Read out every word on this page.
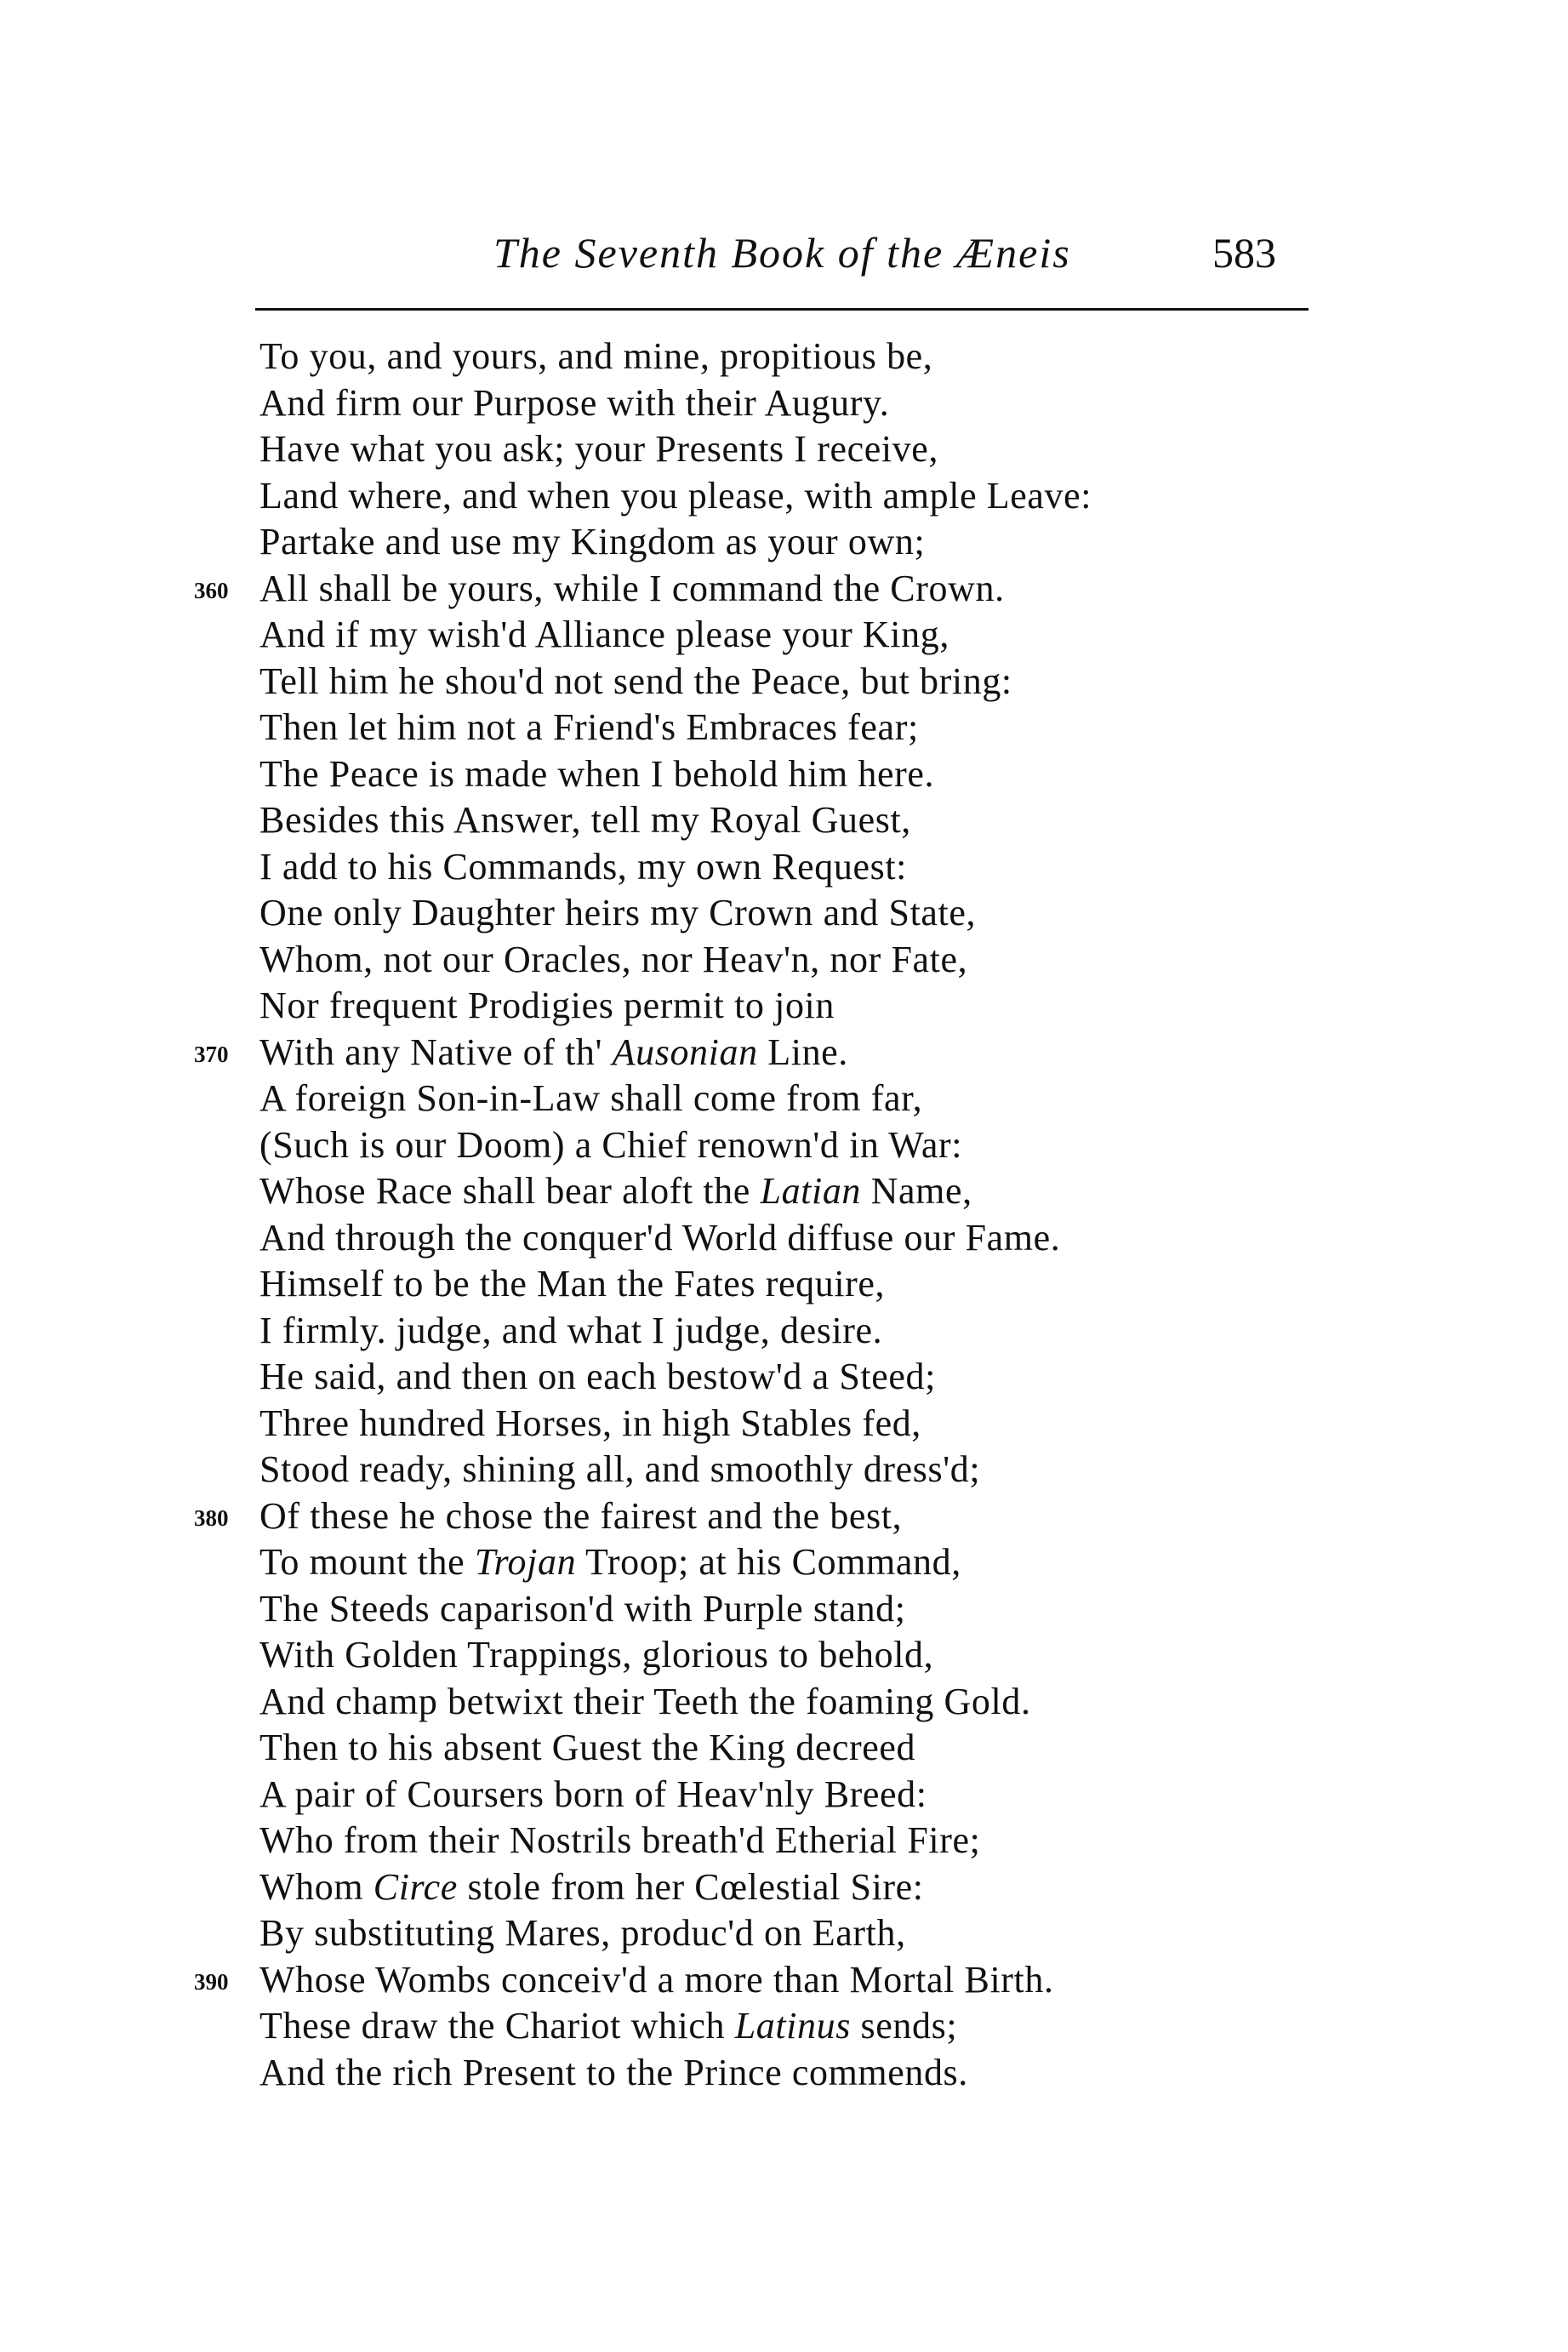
The Seventh Book of the Æneis	583
To you, and yours, and mine, propitious be,
And firm our Purpose with their Augury.
Have what you ask; your Presents I receive,
Land where, and when you please, with ample Leave:
Partake and use my Kingdom as your own;
360 All shall be yours, while I command the Crown.
And if my wish'd Alliance please your King,
Tell him he shou'd not send the Peace, but bring:
Then let him not a Friend's Embraces fear;
The Peace is made when I behold him here.
Besides this Answer, tell my Royal Guest,
I add to his Commands, my own Request:
One only Daughter heirs my Crown and State,
Whom, not our Oracles, nor Heav'n, nor Fate,
Nor frequent Prodigies permit to join
370 With any Native of th' Ausonian Line.
A foreign Son-in-Law shall come from far,
(Such is our Doom) a Chief renown'd in War:
Whose Race shall bear aloft the Latian Name,
And through the conquer'd World diffuse our Fame.
Himself to be the Man the Fates require,
I firmly. judge, and what I judge, desire.
He said, and then on each bestow'd a Steed;
Three hundred Horses, in high Stables fed,
Stood ready, shining all, and smoothly dress'd;
380 Of these he chose the fairest and the best,
To mount the Trojan Troop; at his Command,
The Steeds caparison'd with Purple stand;
With Golden Trappings, glorious to behold,
And champ betwixt their Teeth the foaming Gold.
Then to his absent Guest the King decreed
A pair of Coursers born of Heav'nly Breed:
Who from their Nostrils breath'd Etherial Fire;
Whom Circe stole from her Cœlestial Sire:
By substituting Mares, produc'd on Earth,
390 Whose Wombs conceiv'd a more than Mortal Birth.
These draw the Chariot which Latinus sends;
And the rich Present to the Prince commends.
